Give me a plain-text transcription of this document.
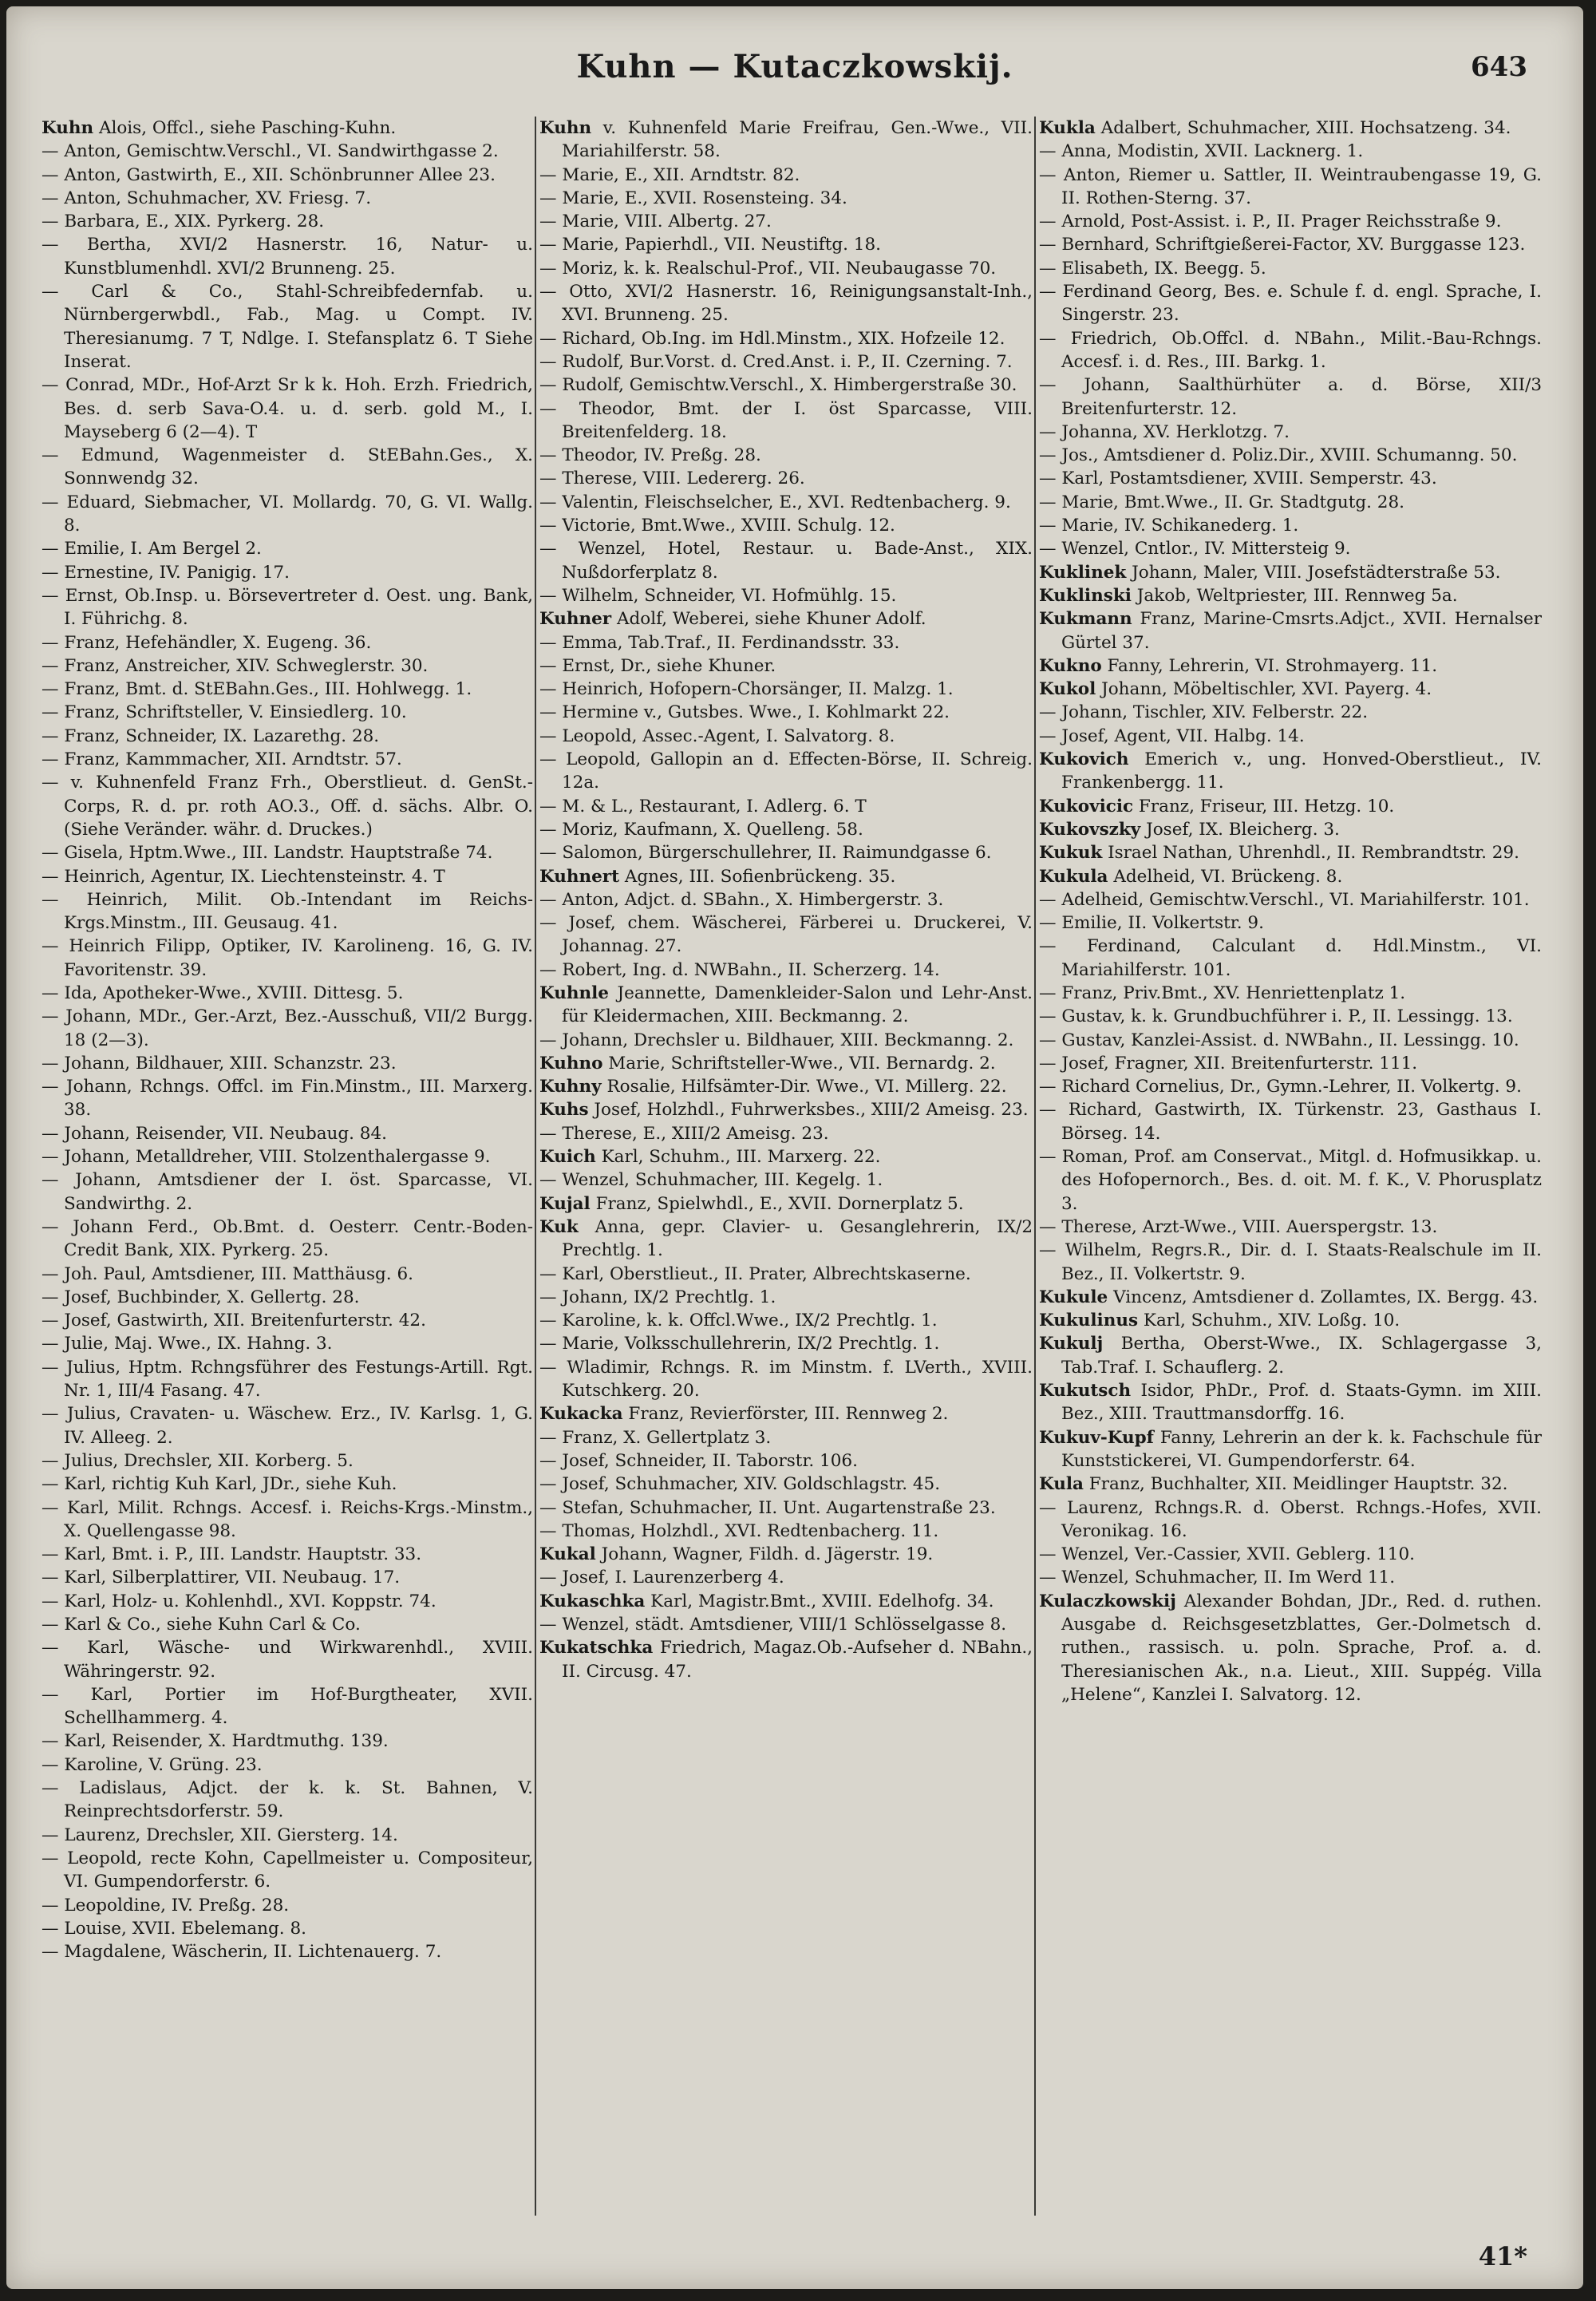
Kuhn — Kutaczkowskij.	643

Kuhn Alois, Offcl., siehe Pasching-Kuhn.

— Anton, Gemischtw.Verschl., VI. Sandwirthgasse 2.

— Anton, Gastwirth, E., XII. Schönbrunner Allee 23.

— Anton, Schuhmacher, XV. Friesg. 7.

— Barbara, E., XIX. Pyrkerg. 28.

— Bertha, XVI/2 Hasnerstr. 16, Natur- u. Kunstblumenhdl. XVI/2 Brunneng. 25.

— Carl & Co., Stahl-Schreibfedernfab. u. Nürnbergerwbdl., Fab., Mag. u Compt. IV. Theresianumg. 7 T, Ndlge. I. Stefansplatz 6. T Siehe Inserat.

— Conrad, MDr., Hof-Arzt Sr k k. Hoh. Erzh. Friedrich, Bes. d. serb Sava-O.4. u. d. serb. gold M., I. Mayseberg 6 (2—4). T

— Edmund, Wagenmeister d. StEBahn.Ges., X. Sonnwendg 32.

— Eduard, Siebmacher, VI. Mollardg. 70, G. VI. Wallg. 8.

— Emilie, I. Am Bergel 2.

— Ernestine, IV. Panigig. 17.

— Ernst, Ob.Insp. u. Börsevertreter d. Oest. ung. Bank, I. Führichg. 8.

— Franz, Hefehändler, X. Eugeng. 36.

— Franz, Anstreicher, XIV. Schweglerstr. 30.

— Franz, Bmt. d. StEBahn.Ges., III. Hohlwegg. 1.

— Franz, Schriftsteller, V. Einsiedlerg. 10.

— Franz, Schneider, IX. Lazarethg. 28.

— Franz, Kammmacher, XII. Arndtstr. 57.

— v. Kuhnenfeld Franz Frh., Oberstlieut. d. GenSt.-Corps, R. d. pr. roth AO.3., Off. d. sächs. Albr. O. (Siehe Veränder. währ. d. Druckes.)

— Gisela, Hptm.Wwe., III. Landstr. Hauptstraße 74.

— Heinrich, Agentur, IX. Liechtensteinstr. 4. T

— Heinrich, Milit. Ob.-Intendant im Reichs-Krgs.Minstm., III. Geusaug. 41.

— Heinrich Filipp, Optiker, IV. Karolineng. 16, G. IV. Favoritenstr. 39.

— Ida, Apotheker-Wwe., XVIII. Dittesg. 5.

— Johann, MDr., Ger.-Arzt, Bez.-Ausschuß, VII/2 Burgg. 18 (2—3).

— Johann, Bildhauer, XIII. Schanzstr. 23.

— Johann, Rchngs. Offcl. im Fin.Minstm., III. Marxerg. 38.

— Johann, Reisender, VII. Neubaug. 84.

— Johann, Metalldreher, VIII. Stolzenthalergasse 9.

— Johann, Amtsdiener der I. öst. Sparcasse, VI. Sandwirthg. 2.

— Johann Ferd., Ob.Bmt. d. Oesterr. Centr.-Boden-Credit Bank, XIX. Pyrkerg. 25.

— Joh. Paul, Amtsdiener, III. Matthäusg. 6.

— Josef, Buchbinder, X. Gellertg. 28.

— Josef, Gastwirth, XII. Breitenfurterstr. 42.

— Julie, Maj. Wwe., IX. Hahng. 3.

— Julius, Hptm. Rchngsführer des Festungs-Artill. Rgt. Nr. 1, III/4 Fasang. 47.

— Julius, Cravaten- u. Wäschew. Erz., IV. Karlsg. 1, G. IV. Alleeg. 2.

— Julius, Drechsler, XII. Korberg. 5.

— Karl, richtig Kuh Karl, JDr., siehe Kuh.

— Karl, Milit. Rchngs. Accesf. i. Reichs-Krgs.-Minstm., X. Quellengasse 98.

— Karl, Bmt. i. P., III. Landstr. Hauptstr. 33.

— Karl, Silberplattirer, VII. Neubaug. 17.

— Karl, Holz- u. Kohlenhdl., XVI. Koppstr. 74.

— Karl & Co., siehe Kuhn Carl & Co.

— Karl, Wäsche- und Wirkwarenhdl., XVIII. Währingerstr. 92.

— Karl, Portier im Hof-Burgtheater, XVII. Schellhammerg. 4.

— Karl, Reisender, X. Hardtmuthg. 139.

— Karoline, V. Grüng. 23.

— Ladislaus, Adjct. der k. k. St. Bahnen, V. Reinprechtsdorferstr. 59.

— Laurenz, Drechsler, XII. Giersterg. 14.

— Leopold, recte Kohn, Capellmeister u. Compositeur, VI. Gumpendorferstr. 6.

— Leopoldine, IV. Preßg. 28.

— Louise, XVII. Ebelemang. 8.

— Magdalene, Wäscherin, II. Lichtenauerg. 7.

Kuhn v. Kuhnenfeld Marie Freifrau, Gen.-Wwe., VII. Mariahilferstr. 58.

— Marie, E., XII. Arndtstr. 82.

— Marie, E., XVII. Rosensteing. 34.

— Marie, VIII. Albertg. 27.

— Marie, Papierhdl., VII. Neustiftg. 18.

— Moriz, k. k. Realschul-Prof., VII. Neubaugasse 70.

— Otto, XVI/2 Hasnerstr. 16, Reinigungsanstalt-Inh., XVI. Brunneng. 25.

— Richard, Ob.Ing. im Hdl.Minstm., XIX. Hofzeile 12.

— Rudolf, Bur.Vorst. d. Cred.Anst. i. P., II. Czerning. 7.

— Rudolf, Gemischtw.Verschl., X. Himbergerstraße 30.

— Theodor, Bmt. der I. öst Sparcasse, VIII. Breitenfelderg. 18.

— Theodor, IV. Preßg. 28.

— Therese, VIII. Ledererg. 26.

— Valentin, Fleischselcher, E., XVI. Redtenbacherg. 9.

— Victorie, Bmt.Wwe., XVIII. Schulg. 12.

— Wenzel, Hotel, Restaur. u. Bade-Anst., XIX. Nußdorferplatz 8.

— Wilhelm, Schneider, VI. Hofmühlg. 15.

Kuhner Adolf, Weberei, siehe Khuner Adolf.

— Emma, Tab.Traf., II. Ferdinandsstr. 33.

— Ernst, Dr., siehe Khuner.

— Heinrich, Hofopern-Chorsänger, II. Malzg. 1.

— Hermine v., Gutsbes. Wwe., I. Kohlmarkt 22.

— Leopold, Assec.-Agent, I. Salvatorg. 8.

— Leopold, Gallopin an d. Effecten-Börse, II. Schreig. 12a.

— M. & L., Restaurant, I. Adlerg. 6. T

— Moriz, Kaufmann, X. Quelleng. 58.

— Salomon, Bürgerschullehrer, II. Raimundgasse 6.

Kuhnert Agnes, III. Sofienbrückeng. 35.

— Anton, Adjct. d. SBahn., X. Himbergerstr. 3.

— Josef, chem. Wäscherei, Färberei u. Druckerei, V. Johannag. 27.

— Robert, Ing. d. NWBahn., II. Scherzerg. 14.

Kuhnle Jeannette, Damenkleider-Salon und Lehr-Anst. für Kleidermachen, XIII. Beckmanng. 2.

— Johann, Drechsler u. Bildhauer, XIII. Beckmanng. 2.

Kuhno Marie, Schriftsteller-Wwe., VII. Bernardg. 2.

Kuhny Rosalie, Hilfsämter-Dir. Wwe., VI. Millerg. 22.

Kuhs Josef, Holzhdl., Fuhrwerksbes., XIII/2 Ameisg. 23.

— Therese, E., XIII/2 Ameisg. 23.

Kuich Karl, Schuhm., III. Marxerg. 22.

— Wenzel, Schuhmacher, III. Kegelg. 1.

Kujal Franz, Spielwhdl., E., XVII. Dornerplatz 5.

Kuk Anna, gepr. Clavier- u. Gesanglehrerin, IX/2 Prechtlg. 1.

— Karl, Oberstlieut., II. Prater, Albrechtskaserne.

— Johann, IX/2 Prechtlg. 1.

— Karoline, k. k. Offcl.Wwe., IX/2 Prechtlg. 1.

— Marie, Volksschullehrerin, IX/2 Prechtlg. 1.

— Wladimir, Rchngs. R. im Minstm. f. LVerth., XVIII. Kutschkerg. 20.

Kukacka Franz, Revierförster, III. Rennweg 2.

— Franz, X. Gellertplatz 3.

— Josef, Schneider, II. Taborstr. 106.

— Josef, Schuhmacher, XIV. Goldschlagstr. 45.

— Stefan, Schuhmacher, II. Unt. Augartenstraße 23.

— Thomas, Holzhdl., XVI. Redtenbacherg. 11.

Kukal Johann, Wagner, Fildh. d. Jägerstr. 19.

— Josef, I. Laurenzerberg 4.

Kukaschka Karl, Magistr.Bmt., XVIII. Edelhofg. 34.

— Wenzel, städt. Amtsdiener, VIII/1 Schlösselgasse 8.

Kukatschka Friedrich, Magaz.Ob.-Aufseher d. NBahn., II. Circusg. 47.

Kukla Adalbert, Schuhmacher, XIII. Hochsatzeng. 34.

— Anna, Modistin, XVII. Lacknerg. 1.

— Anton, Riemer u. Sattler, II. Weintraubengasse 19, G. II. Rothen-Sterng. 37.

— Arnold, Post-Assist. i. P., II. Prager Reichsstraße 9.

— Bernhard, Schriftgießerei-Factor, XV. Burggasse 123.

— Elisabeth, IX. Beegg. 5.

— Ferdinand Georg, Bes. e. Schule f. d. engl. Sprache, I. Singerstr. 23.

— Friedrich, Ob.Offcl. d. NBahn., Milit.-Bau-Rchngs. Accesf. i. d. Res., III. Barkg. 1.

— Johann, Saalthürhüter a. d. Börse, XII/3 Breitenfurterstr. 12.

— Johanna, XV. Herklotzg. 7.

— Jos., Amtsdiener d. Poliz.Dir., XVIII. Schumanng. 50.

— Karl, Postamtsdiener, XVIII. Semperstr. 43.

— Marie, Bmt.Wwe., II. Gr. Stadtgutg. 28.

— Marie, IV. Schikanederg. 1.

— Wenzel, Cntlor., IV. Mittersteig 9.

Kuklinek Johann, Maler, VIII. Josefstädterstraße 53.

Kuklinski Jakob, Weltpriester, III. Rennweg 5a.

Kukmann Franz, Marine-Cmsrts.Adjct., XVII. Hernalser Gürtel 37.

Kukno Fanny, Lehrerin, VI. Strohmayerg. 11.

Kukol Johann, Möbeltischler, XVI. Payerg. 4.

— Johann, Tischler, XIV. Felberstr. 22.

— Josef, Agent, VII. Halbg. 14.

Kukovich Emerich v., ung. Honved-Oberstlieut., IV. Frankenbergg. 11.

Kukovicic Franz, Friseur, III. Hetzg. 10.

Kukovszky Josef, IX. Bleicherg. 3.

Kukuk Israel Nathan, Uhrenhdl., II. Rembrandtstr. 29.

Kukula Adelheid, VI. Brückeng. 8.

— Adelheid, Gemischtw.Verschl., VI. Mariahilferstr. 101.

— Emilie, II. Volkertstr. 9.

— Ferdinand, Calculant d. Hdl.Minstm., VI. Mariahilferstr. 101.

— Franz, Priv.Bmt., XV. Henriettenplatz 1.

— Gustav, k. k. Grundbuchführer i. P., II. Lessingg. 13.

— Gustav, Kanzlei-Assist. d. NWBahn., II. Lessingg. 10.

— Josef, Fragner, XII. Breitenfurterstr. 111.

— Richard Cornelius, Dr., Gymn.-Lehrer, II. Volkertg. 9.

— Richard, Gastwirth, IX. Türkenstr. 23, Gasthaus I. Börseg. 14.

— Roman, Prof. am Conservat., Mitgl. d. Hofmusikkap. u. des Hofopernorch., Bes. d. oit. M. f. K., V. Phorusplatz 3.

— Therese, Arzt-Wwe., VIII. Auerspergstr. 13.

— Wilhelm, Regrs.R., Dir. d. I. Staats-Realschule im II. Bez., II. Volkertstr. 9.

Kukule Vincenz, Amtsdiener d. Zollamtes, IX. Bergg. 43.

Kukulinus Karl, Schuhm., XIV. Loßg. 10.

Kukulj Bertha, Oberst-Wwe., IX. Schlagergasse 3, Tab.Traf. I. Schauflerg. 2.

Kukutsch Isidor, PhDr., Prof. d. Staats-Gymn. im XIII. Bez., XIII. Trauttmansdorffg. 16.

Kukuv-Kupf Fanny, Lehrerin an der k. k. Fachschule für Kunststickerei, VI. Gumpendorferstr. 64.

Kula Franz, Buchhalter, XII. Meidlinger Hauptstr. 32.

— Laurenz, Rchngs.R. d. Oberst. Rchngs.-Hofes, XVII. Veronikag. 16.

— Wenzel, Ver.-Cassier, XVII. Geblerg. 110.

— Wenzel, Schuhmacher, II. Im Werd 11.

Kulaczkowskij Alexander Bohdan, JDr., Red. d. ruthen. Ausgabe d. Reichsgesetzblattes, Ger.-Dolmetsch d. ruthen., rassisch. u. poln. Sprache, Prof. a. d. Theresianischen Ak., n.a. Lieut., XIII. Suppég. Villa „Helene“, Kanzlei I. Salvatorg. 12.

41*
